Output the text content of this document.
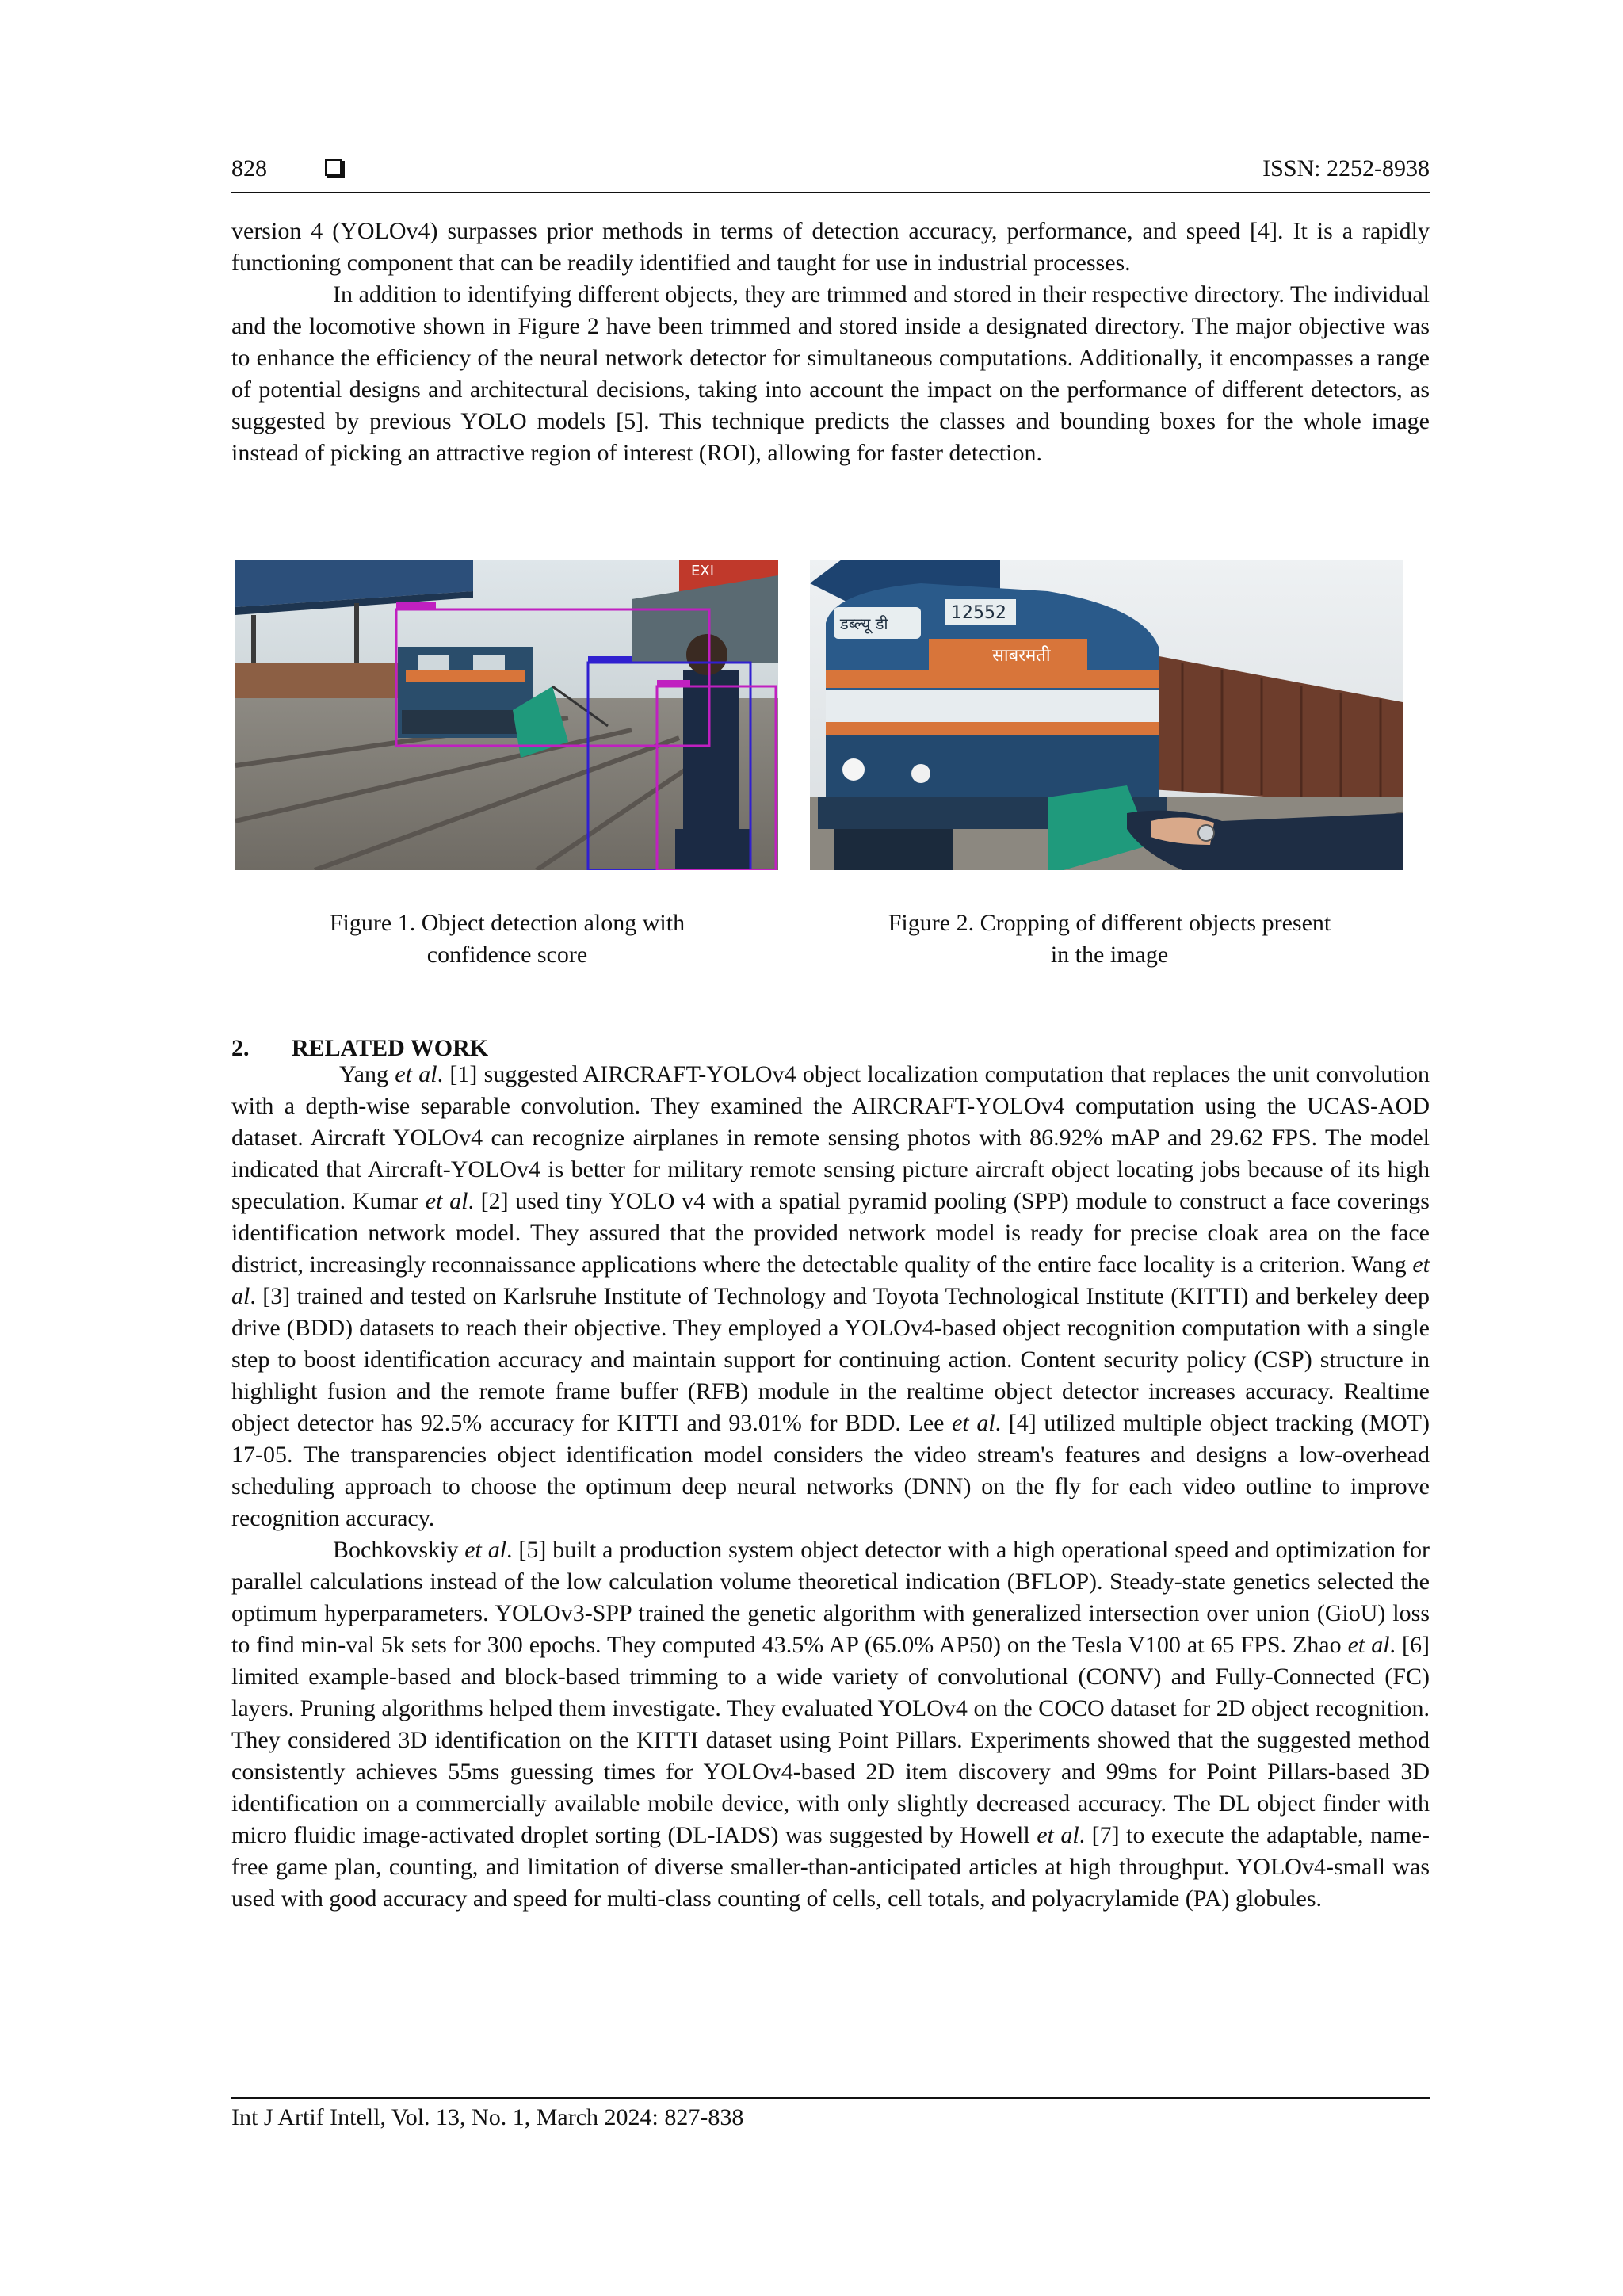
828	ISSN: 2252-8938

version 4 (YOLOv4) surpasses prior methods in terms of detection accuracy, performance, and speed [4]. It is a rapidly functioning component that can be readily identified and taught for use in industrial processes.

In addition to identifying different objects, they are trimmed and stored in their respective directory. The individual and the locomotive shown in Figure 2 have been trimmed and stored inside a designated directory. The major objective was to enhance the efficiency of the neural network detector for simultaneous computations. Additionally, it encompasses a range of potential designs and architectural decisions, taking into account the impact on the performance of different detectors, as suggested by previous YOLO models [5]. This technique predicts the classes and bounding boxes for the whole image instead of picking an attractive region of interest (ROI), allowing for faster detection.

EXI
डब्ल्यू डी
12552
साबरमती
Figure 1. Object detection along with
confidence score
Figure 2. Cropping of different objects present
in the image
2. RELATED WORK

Yang et al. [1] suggested AIRCRAFT-YOLOv4 object localization computation that replaces the unit convolution with a depth-wise separable convolution. They examined the AIRCRAFT-YOLOv4 computation using the UCAS-AOD dataset. Aircraft YOLOv4 can recognize airplanes in remote sensing photos with 86.92% mAP and 29.62 FPS. The model indicated that Aircraft-YOLOv4 is better for military remote sensing picture aircraft object locating jobs because of its high speculation. Kumar et al. [2] used tiny YOLO v4 with a spatial pyramid pooling (SPP) module to construct a face coverings identification network model. They assured that the provided network model is ready for precise cloak area on the face district, increasingly reconnaissance applications where the detectable quality of the entire face locality is a criterion. Wang et al. [3] trained and tested on Karlsruhe Institute of Technology and Toyota Technological Institute (KITTI) and berkeley deep drive (BDD) datasets to reach their objective. They employed a YOLOv4-based object recognition computation with a single step to boost identification accuracy and maintain support for continuing action. Content security policy (CSP) structure in highlight fusion and the remote frame buffer (RFB) module in the realtime object detector increases accuracy. Realtime object detector has 92.5% accuracy for KITTI and 93.01% for BDD. Lee et al. [4] utilized multiple object tracking (MOT) 17-05. The transparencies object identification model considers the video stream's features and designs a low-overhead scheduling approach to choose the optimum deep neural networks (DNN) on the fly for each video outline to improve recognition accuracy.

Bochkovskiy et al. [5] built a production system object detector with a high operational speed and optimization for parallel calculations instead of the low calculation volume theoretical indication (BFLOP). Steady-state genetics selected the optimum hyperparameters. YOLOv3-SPP trained the genetic algorithm with generalized intersection over union (GioU) loss to find min-val 5k sets for 300 epochs. They computed 43.5% AP (65.0% AP50) on the Tesla V100 at 65 FPS. Zhao et al. [6] limited example-based and block-based trimming to a wide variety of convolutional (CONV) and Fully-Connected (FC) layers. Pruning algorithms helped them investigate. They evaluated YOLOv4 on the COCO dataset for 2D object recognition. They considered 3D identification on the KITTI dataset using Point Pillars. Experiments showed that the suggested method consistently achieves 55ms guessing times for YOLOv4-based 2D item discovery and 99ms for Point Pillars-based 3D identification on a commercially available mobile device, with only slightly decreased accuracy. The DL object finder with micro fluidic image-activated droplet sorting (DL-IADS) was suggested by Howell et al. [7] to execute the adaptable, name-free game plan, counting, and limitation of diverse smaller-than-anticipated articles at high throughput. YOLOv4-small was used with good accuracy and speed for multi-class counting of cells, cell totals, and polyacrylamide (PA) globules.

Int J Artif Intell, Vol. 13, No. 1, March 2024: 827-838
